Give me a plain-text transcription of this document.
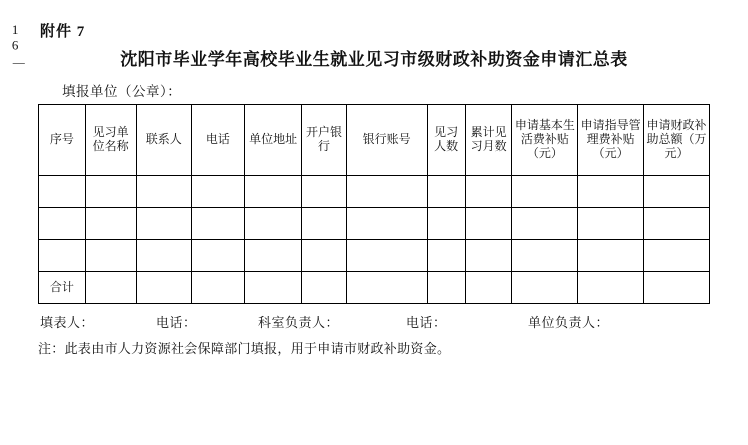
16
—
附件 7
沈阳市毕业学年高校毕业生就业见习市级财政补助资金申请汇总表
填报单位（公章）：
序号	见习单位名称	联系人	电话	单位地址	开户银行	银行账号	见习人数	累计见习月数	申请基本生活费补贴（元）	申请指导管理费补贴（元）	申请财政补助总额（万元）

合计											
填表人：	电话：	科室负责人：	电话：	单位负责人：
注：此表由市人力资源社会保障部门填报，用于申请市财政补助资金。
